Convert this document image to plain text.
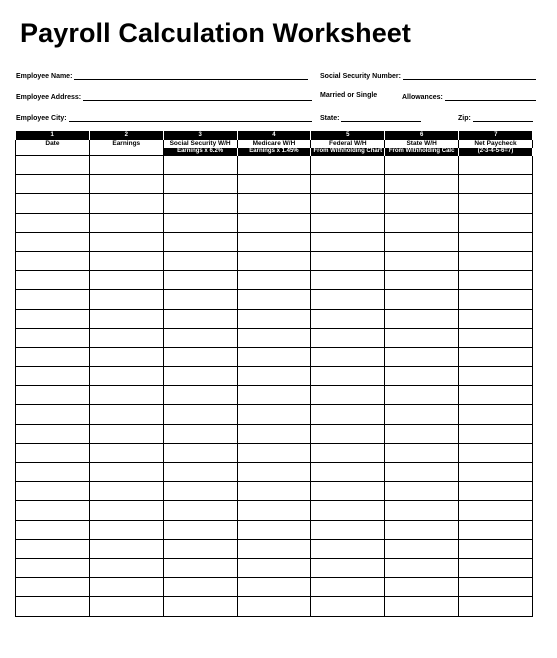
Payroll Calculation Worksheet
Employee Name:	Social Security Number:
Employee Address:	Married or Single	Allowances:
Employee City:	State:	Zip:
1	2	3	4	5	6	7
Date	Earnings	Social Security W/H	Medicare W/H	Federal W/H	State W/H	Net Paycheck
		Earnings x 6.2%	Earnings x 1.45%	From Withholding Chart	From Withholding Calc	(2-3-4-5-6=7)
